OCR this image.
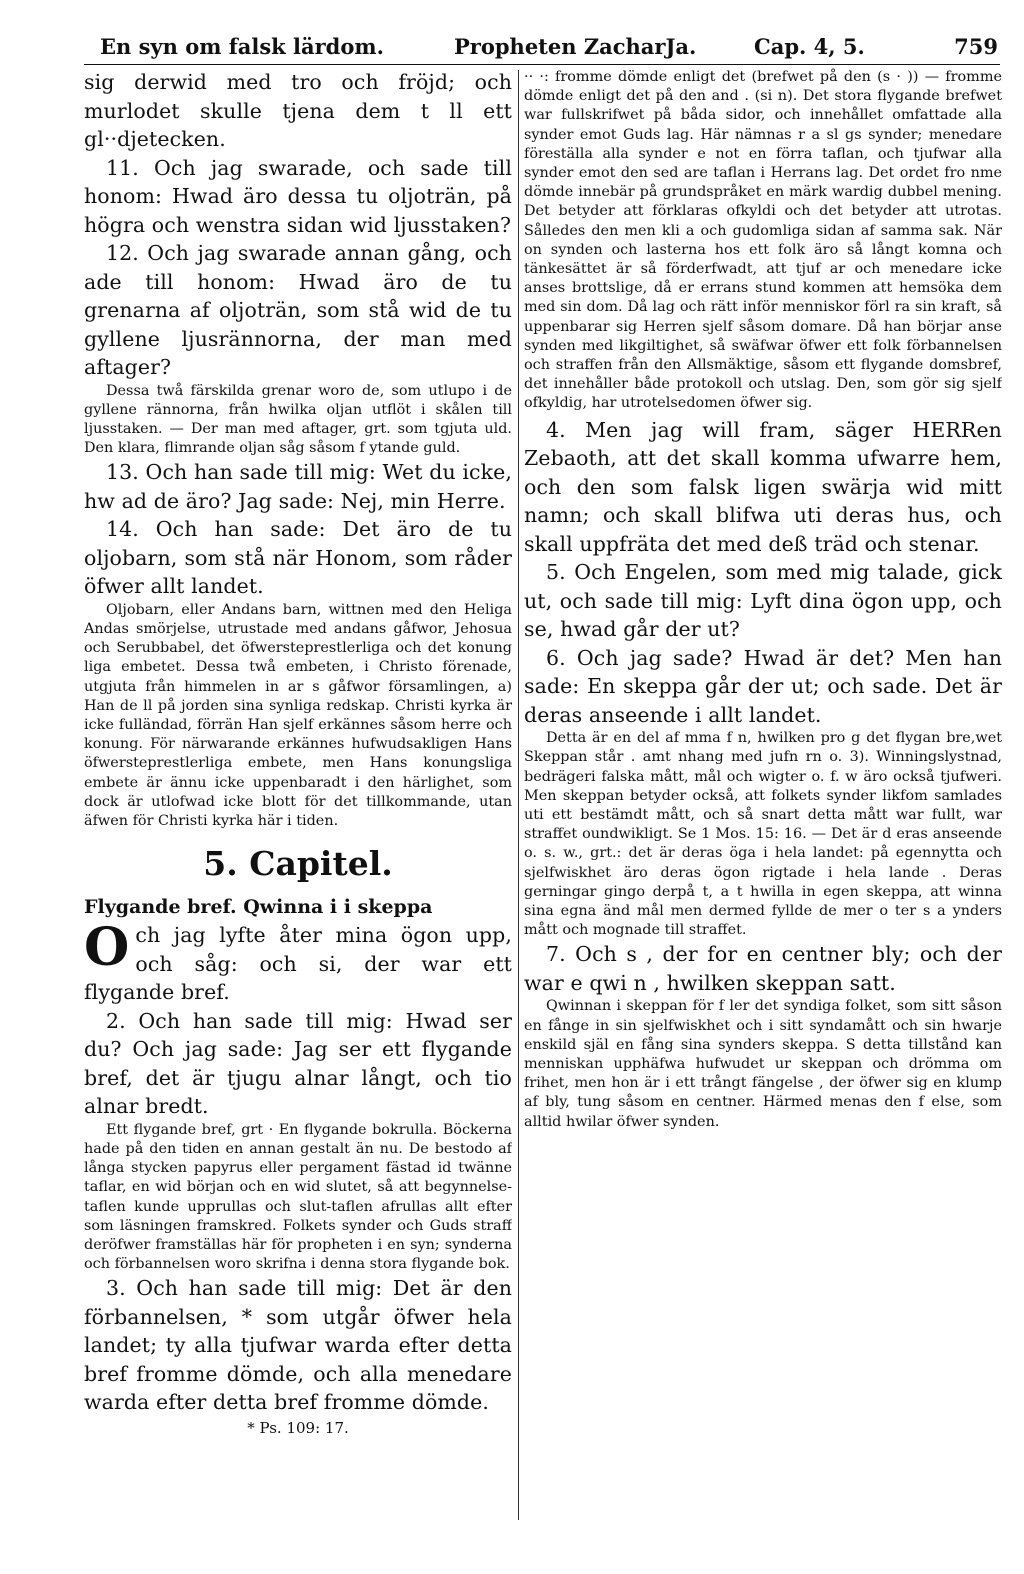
En syn om falsk lärdom.	Propheten ZacharJa.	Cap. 4, 5.	759

sig derwid med tro och fröjd; och murlodet skulle tjena dem t ll ett gl··djetecken.

11. Och jag swarade, och sade till honom: Hwad äro dessa tu oljoträn, på högra och wenstra sidan wid ljusstaken?

12. Och jag swarade annan gång, och ade till honom: Hwad äro de tu grenarna af oljoträn, som stå wid de tu gyllene ljusrännorna, der man med aftager?

Dessa twå färskilda grenar woro de, som utlupo i de gyllene rännorna, från hwilka oljan utflöt i skålen till ljusstaken. — Der man med aftager, grt. som tgjuta uld. Den klara, flimrande oljan såg såsom f ytande guld.

13. Och han sade till mig: Wet du icke, hw ad de äro? Jag sade: Nej, min Herre.

14. Och han sade: Det äro de tu oljobarn, som stå när Honom, som råder öfwer allt landet.

Oljobarn, eller Andans barn, wittnen med den Heliga Andas smörjelse, utrustade med andans gåfwor, Jehosua och Serubbabel, det öfwersteprestlerliga och det konung liga embetet. Dessa twå embeten, i Christo förenade, utgjuta från himmelen in ar s gåfwor församlingen, a) Han de ll på jorden sina synliga redskap. Christi kyrka är icke fulländad, förrän Han sjelf erkännes såsom herre och konung. För närwarande erkännes hufwudsakligen Hans öfwersteprestlerliga embete, men Hans konungsliga embete är ännu icke uppenbaradt i den härlighet, som dock är utlofwad icke blott för det tillkommande, utan äfwen för Christi kyrka här i tiden.

5. Capitel.

Flygande bref. Qwinna i i skeppa

Och jag lyfte åter mina ögon upp, och såg: och si, der war ett flygande bref.

2. Och han sade till mig: Hwad ser du? Och jag sade: Jag ser ett flygande bref, det är tjugu alnar långt, och tio alnar bredt.

Ett flygande bref, grt · En flygande bokrulla. Böckerna hade på den tiden en annan gestalt än nu. De bestodo af långa stycken papyrus eller pergament fästad id twänne taflar, en wid början och en wid slutet, så att begynnelse-taflen kunde upprullas och slut-taflen afrullas allt efter som läsningen framskred. Folkets synder och Guds straff deröfwer framställas här för propheten i en syn; synderna och förbannelsen woro skrifna i denna stora flygande bok.

3. Och han sade till mig: Det är den förbannelsen, * som utgår öfwer hela landet; ty alla tjufwar warda efter detta bref fromme dömde, och alla menedare warda efter detta bref fromme dömde.

* Ps. 109: 17.

·· ·: fromme dömde enligt det (brefwet på den (s · )) — fromme dömde enligt det på den and . (si n). Det stora flygande brefwet war fullskrifwet på båda sidor, och innehållet omfattade alla synder emot Guds lag. Här nämnas r a sl gs synder; menedare föreställa alla synder e not en förra taflan, och tjufwar alla synder emot den sed are taflan i Herrans lag. Det ordet fro nme dömde innebär på grundspråket en märk wardig dubbel mening. Det betyder att förklaras ofkyldi och det betyder att utrotas. Sålledes den men kli a och gudomliga sidan af samma sak. När on synden och lasterna hos ett folk äro så långt komna och tänkesättet är så förderfwadt, att tjuf ar och menedare icke anses brottslige, då er errans stund kommen att hemsöka dem med sin dom. Då lag och rätt inför menniskor förl ra sin kraft, så uppenbarar sig Herren sjelf såsom domare. Då han börjar anse synden med likgiltighet, så swäfwar öfwer ett folk förbannelsen och straffen från den Allsmäktige, såsom ett flygande domsbref, det innehåller både protokoll och utslag. Den, som gör sig sjelf ofkyldig, har utrotelsedomen öfwer sig.

4. Men jag will fram, säger HERRen Zebaoth, att det skall komma ufwarre hem, och den som falsk ligen swärja wid mitt namn; och skall blifwa uti deras hus, och skall uppfräta det med deß träd och stenar.

5. Och Engelen, som med mig talade, gick ut, och sade till mig: Lyft dina ögon upp, och se, hwad går der ut?

6. Och jag sade? Hwad är det? Men han sade: En skeppa går der ut; och sade. Det är deras anseende i allt landet.

Detta är en del af mma f n, hwilken pro g det flygan bre,wet Skeppan står . amt nhang med jufn rn o. 3). Winningslystnad, bedrägeri falska mått, mål och wigter o. f. w äro också tjufweri. Men skeppan betyder också, att folkets synder likfom samlades uti ett bestämdt mått, och så snart detta mått war fullt, war straffet oundwikligt. Se 1 Mos. 15: 16. — Det är d eras anseende o. s. w., grt.: det är deras öga i hela landet: på egennytta och sjelfwiskhet äro deras ögon rigtade i hela lande . Deras gerningar gingo derpå t, a t hwilla in egen skeppa, att winna sina egna änd mål men dermed fyllde de mer o ter s a ynders mått och mognade till straffet.

7. Och s , der for en centner bly; och der war e qwi n , hwilken skeppan satt.

Qwinnan i skeppan för f ler det syndiga folket, som sitt såson en fånge in sin sjelfwiskhet och i sitt syndamått och sin hwarje enskild själ en fång sina synders skeppa. S detta tillstånd kan menniskan upphäfwa hufwudet ur skeppan och drömma om frihet, men hon är i ett trångt fängelse , der öfwer sig en klump af bly, tung såsom en centner. Härmed menas den f else, som alltid hwilar öfwer synden.
